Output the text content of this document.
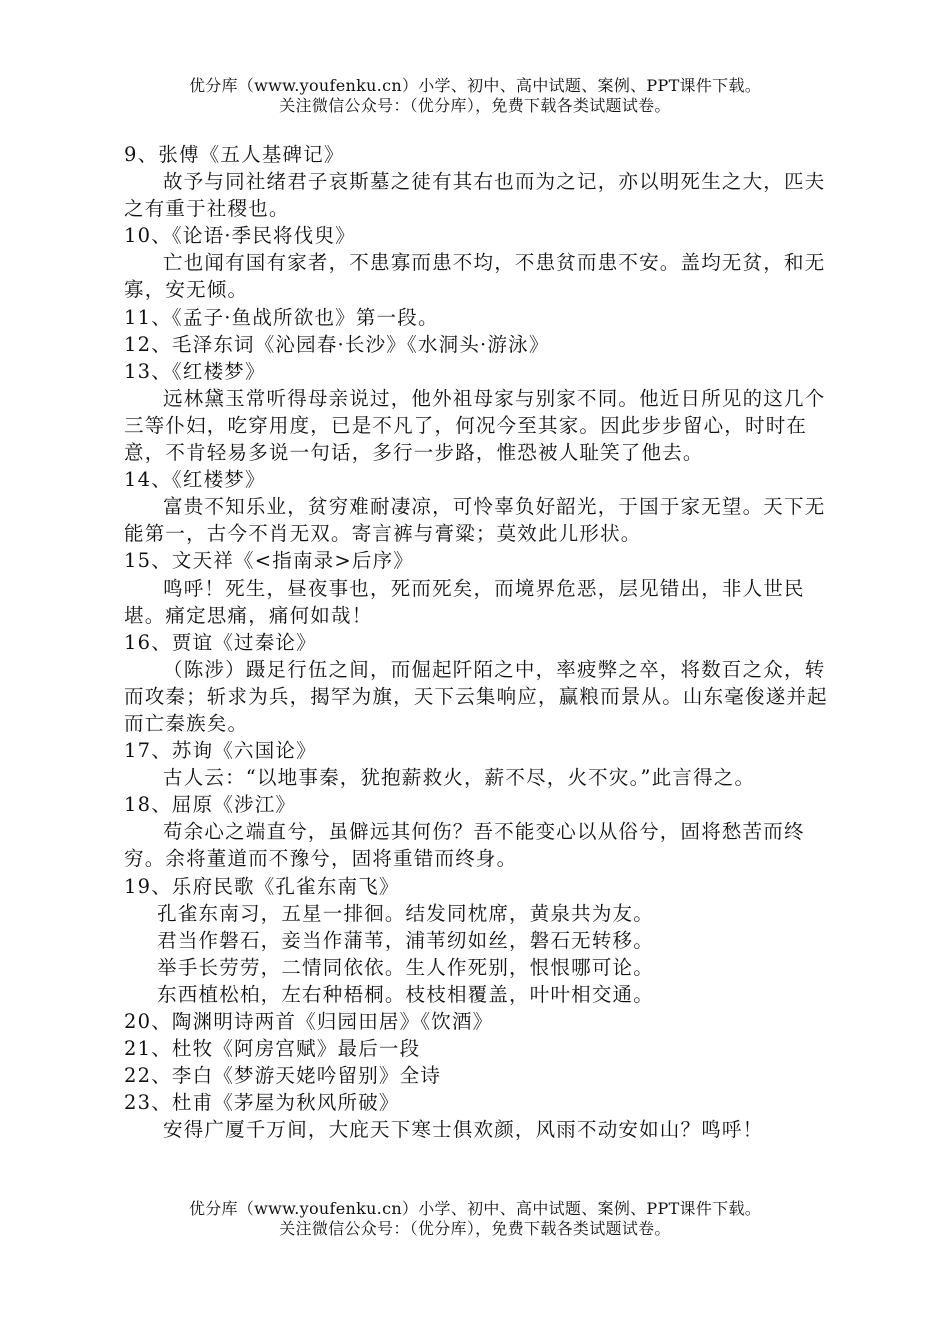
优分库（www.youfenku.cn）小学、初中、高中试题、案例、PPT课件下载。
关注微信公众号：（优分库），免费下载各类试题试卷。
9、张傅《五人基碑记》
故予与同社绪君子哀斯墓之徒有其右也而为之记，亦以明死生之大，匹夫之有重于社稷也。
10、《论语·季民将伐臾》
亡也闻有国有家者，不患寡而患不均，不患贫而患不安。盖均无贫，和无寡，安无倾。
11、《孟子·鱼战所欲也》第一段。
12、毛泽东词《沁园春·长沙》《水洞头·游泳》
13、《红楼梦》
远林黛玉常听得母亲说过，他外祖母家与别家不同。他近日所见的这几个三等仆妇，吃穿用度，已是不凡了，何况今至其家。因此步步留心，时时在意，不肯轻易多说一句话，多行一步路，惟恐被人耻笑了他去。
14、《红楼梦》
富贵不知乐业，贫穷难耐凄凉，可怜辜负好韶光，于国于家无望。天下无能第一，古今不肖无双。寄言裤与膏粱；莫效此儿形状。
15、文天祥《<指南录>后序》
鸣呼！死生，昼夜事也，死而死矣，而境界危恶，层见错出，非人世民堪。痛定思痛，痛何如哉！
16、贾谊《过秦论》
（陈涉）蹑足行伍之间，而倔起阡陌之中，率疲弊之卒，将数百之众，转而攻秦；斩求为兵，揭罕为旗，天下云集响应，赢粮而景从。山东毫俊遂并起而亡秦族矣。
17、苏询《六国论》
古人云：“以地事秦，犹抱薪救火，薪不尽，火不灾。”此言得之。
18、屈原《涉江》
苟余心之端直兮，虽僻远其何伤？吾不能变心以从俗兮，固将愁苦而终穷。余将董道而不豫兮，固将重错而终身。
19、乐府民歌《孔雀东南飞》
孔雀东南习，五星一排徊。结发同枕席，黄泉共为友。
君当作磐石，妾当作蒲苇，浦苇纫如丝，磐石无转移。
举手长劳劳，二情同依依。生人作死别，恨恨哪可论。
东西植松柏，左右种梧桐。枝枝相覆盖，叶叶相交通。
20、陶渊明诗两首《归园田居》《饮酒》
21、杜牧《阿房宫赋》最后一段
22、李白《梦游天姥吟留别》全诗
23、杜甫《茅屋为秋风所破》
安得广厦千万间，大庇天下寒士俱欢颜，风雨不动安如山？鸣呼！
优分库（www.youfenku.cn）小学、初中、高中试题、案例、PPT课件下载。
关注微信公众号：（优分库），免费下载各类试题试卷。
